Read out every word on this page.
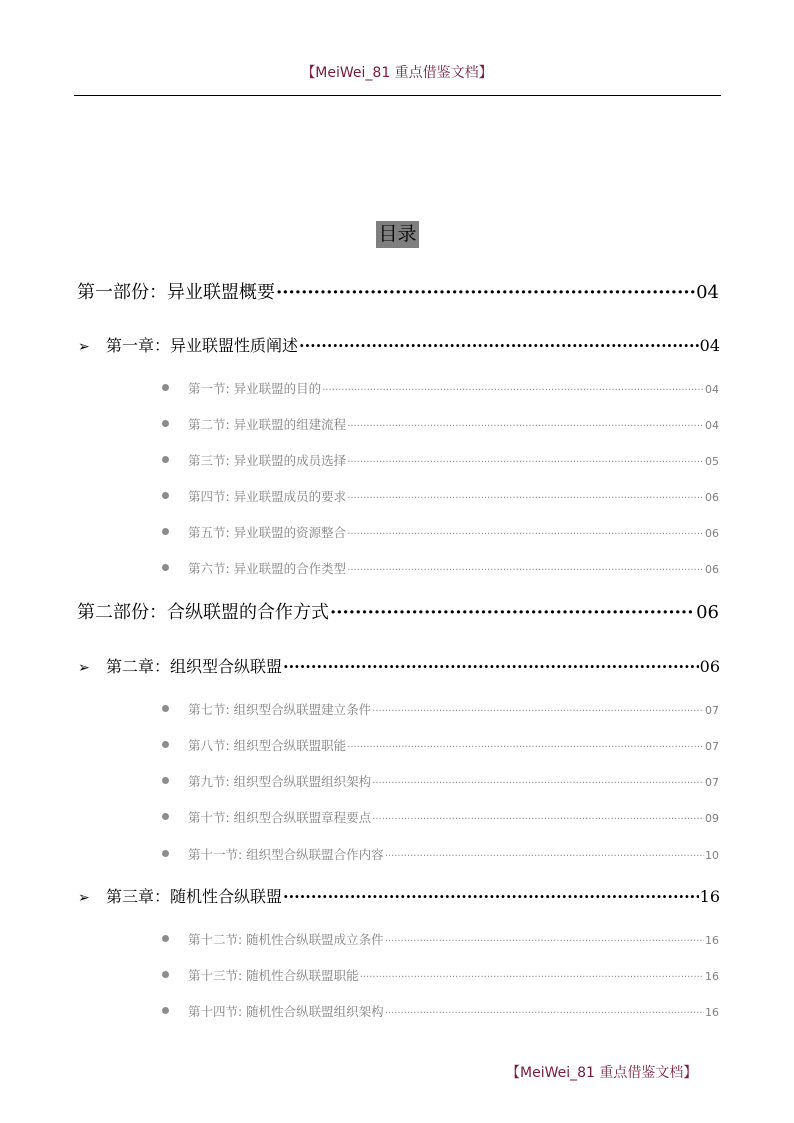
【MeiWei_81 重点借鉴文档】
目录
第一部份：异业联盟概要 ·····	04
➢	第一章：异业联盟性质阐述 ·····	04
第一节: 异业联盟的目的 ·····	04
第二节: 异业联盟的组建流程 ·····	04
第三节: 异业联盟的成员选择 ·····	05
第四节: 异业联盟成员的要求 ·····	06
第五节: 异业联盟的资源整合 ·····	06
第六节: 异业联盟的合作类型 ·····	06
第二部份：合纵联盟的合作方式 ·····	06
➢	第二章：组织型合纵联盟 ·····	06
第七节: 组织型合纵联盟建立条件 ·····	07
第八节: 组织型合纵联盟职能 ·····	07
第九节: 组织型合纵联盟组织架构 ·····	07
第十节: 组织型合纵联盟章程要点 ·····	09
第十一节: 组织型合纵联盟合作内容 ·····	10
➢	第三章：随机性合纵联盟 ·····	16
第十二节: 随机性合纵联盟成立条件 ·····	16
第十三节: 随机性合纵联盟职能 ·····	16
第十四节: 随机性合纵联盟组织架构 ·····	16
【MeiWei_81 重点借鉴文档】
